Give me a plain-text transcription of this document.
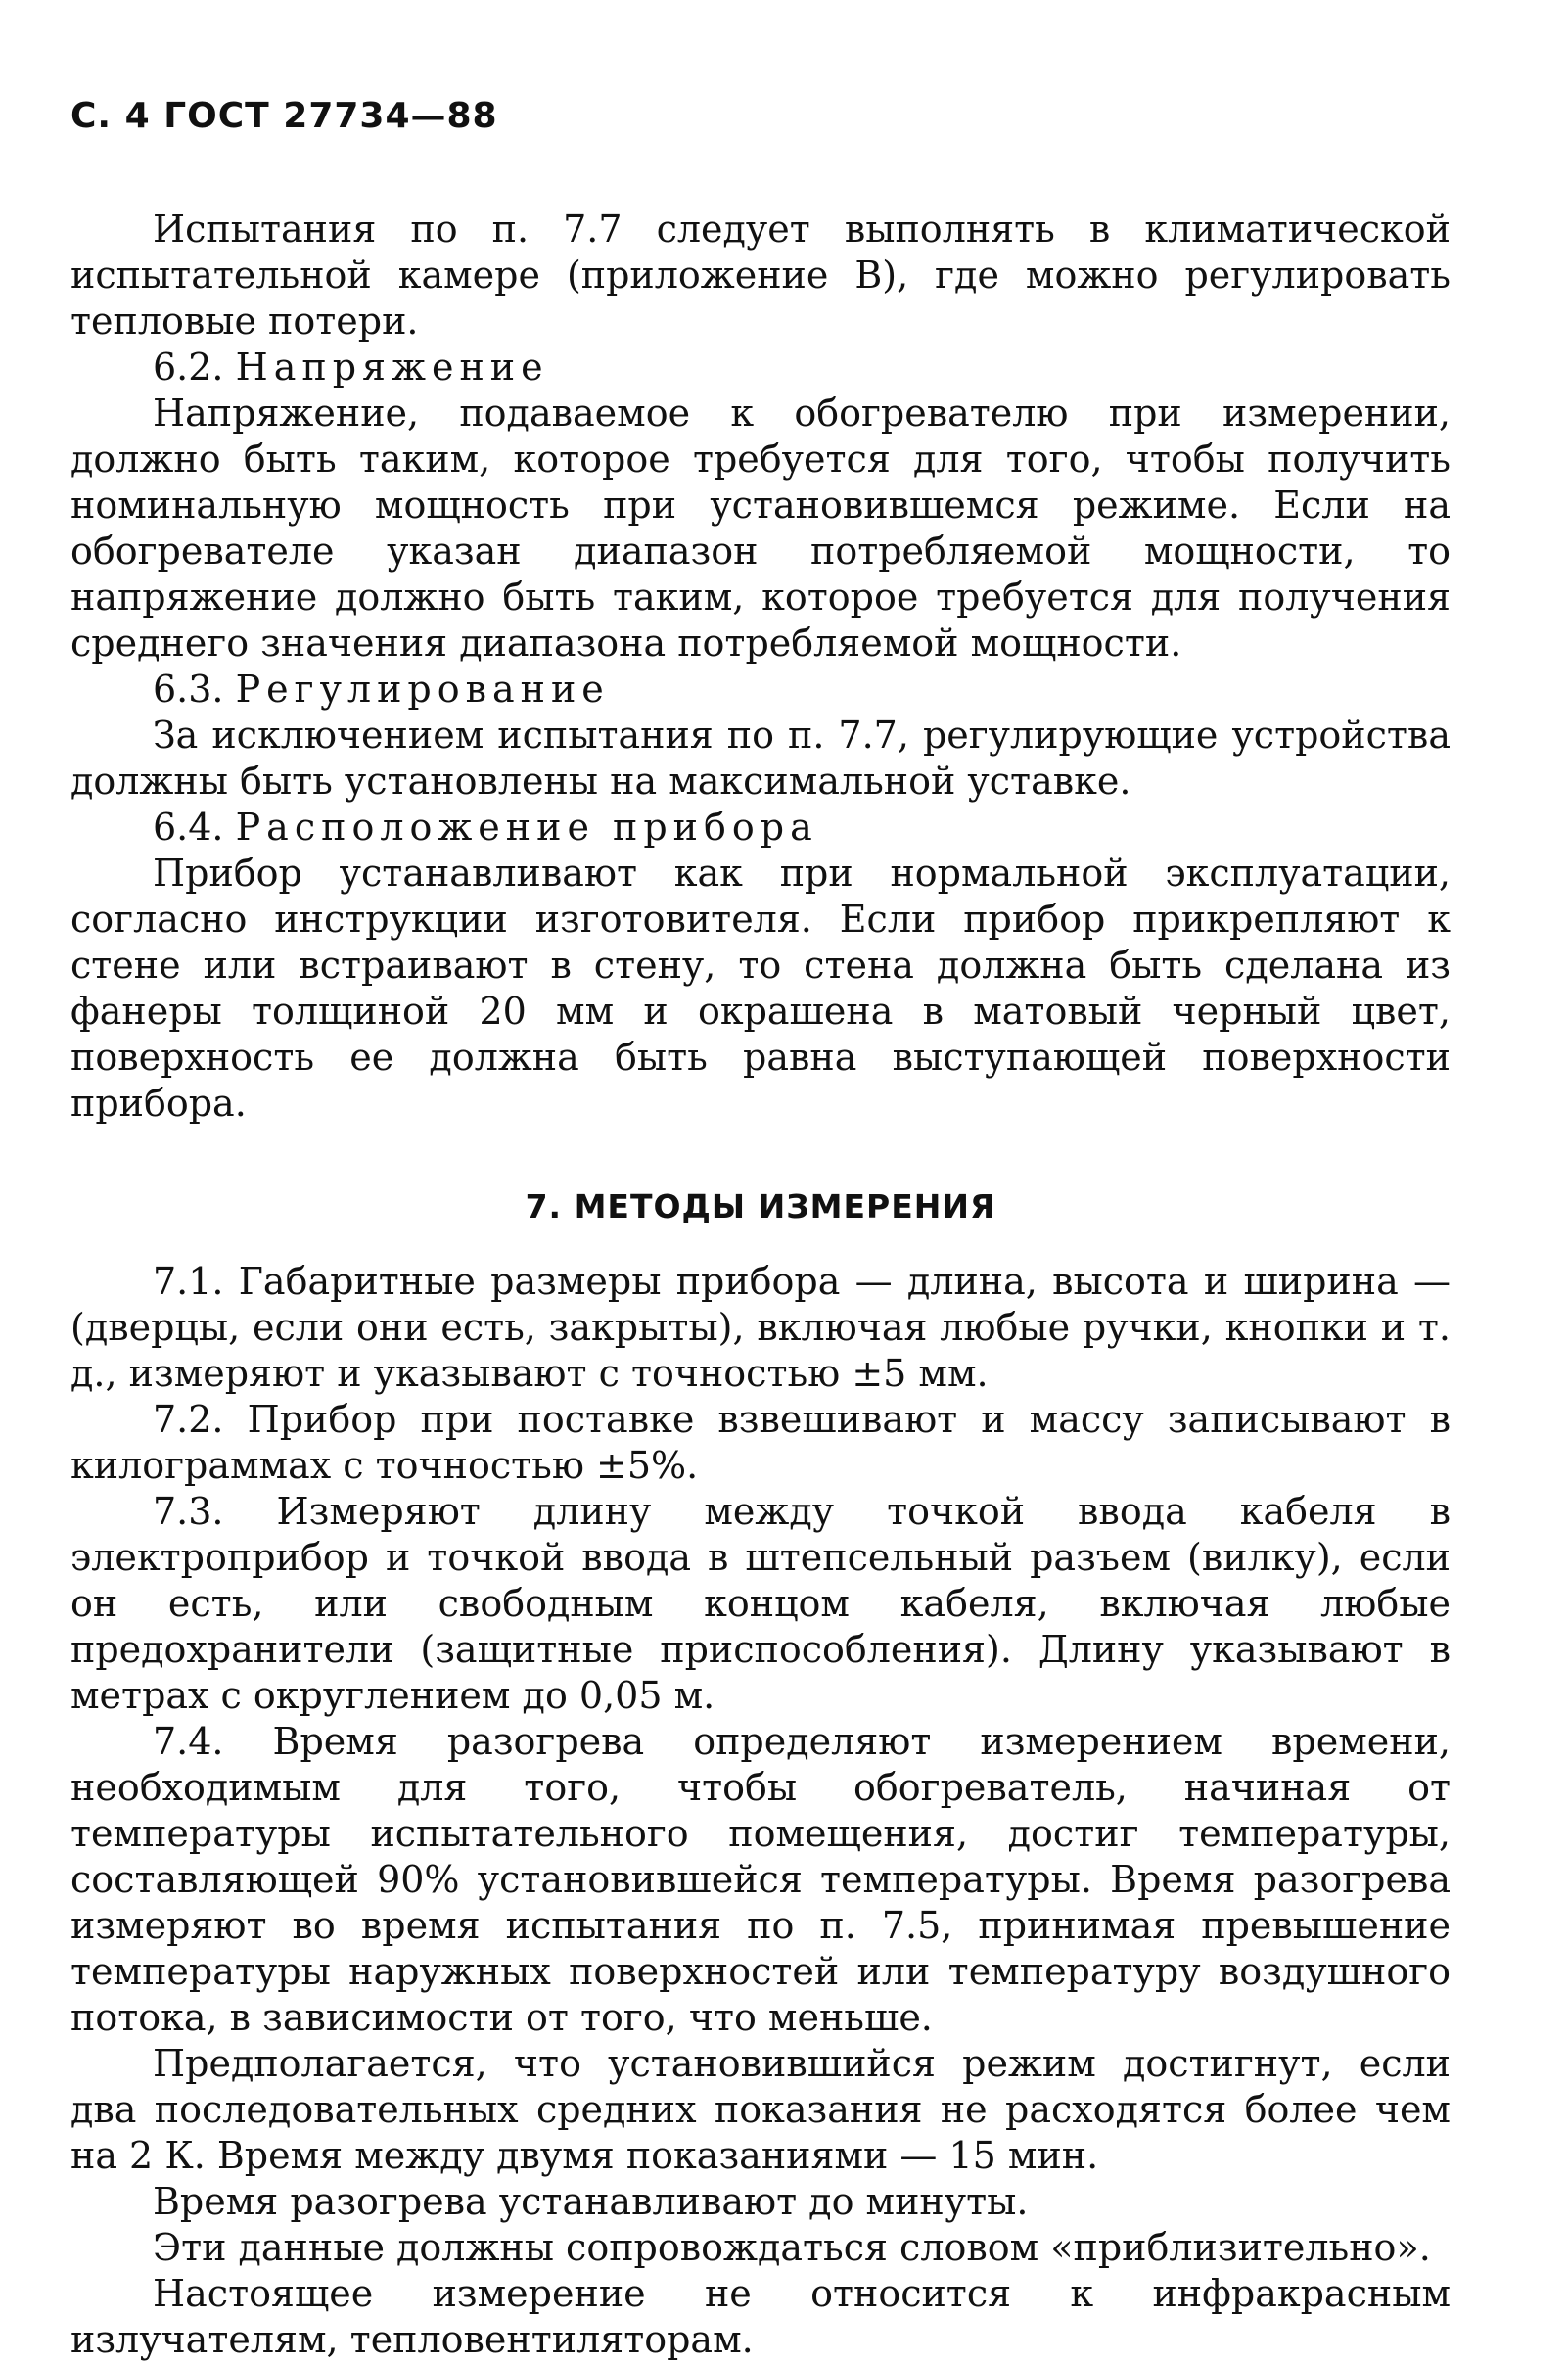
С. 4 ГОСТ 27734—88

Испытания по п. 7.7 следует выполнять в климатической испытательной камере (приложение В), где можно регулировать тепловые потери.

6.2. Напряжение

Напряжение, подаваемое к обогревателю при измерении, должно быть таким, которое требуется для того, чтобы получить номинальную мощность при установившемся режиме. Если на обогревателе указан диапазон потребляемой мощности, то напряжение должно быть таким, которое требуется для получения среднего значения диапазона потребляемой мощности.

6.3. Регулирование

За исключением испытания по п. 7.7, регулирующие устройства должны быть установлены на максимальной уставке.

6.4. Расположение прибора

Прибор устанавливают как при нормальной эксплуатации, согласно инструкции изготовителя. Если прибор прикрепляют к стене или встраивают в стену, то стена должна быть сделана из фанеры толщиной 20 мм и окрашена в матовый черный цвет, поверхность ее должна быть равна выступающей поверхности прибора.

7. МЕТОДЫ ИЗМЕРЕНИЯ

7.1. Габаритные размеры прибора — длина, высота и ширина — (дверцы, если они есть, закрыты), включая любые ручки, кнопки и т. д., измеряют и указывают с точностью ±5 мм.

7.2. Прибор при поставке взвешивают и массу записывают в килограммах с точностью ±5%.

7.3. Измеряют длину между точкой ввода кабеля в электроприбор и точкой ввода в штепсельный разъем (вилку), если он есть, или свободным концом кабеля, включая любые предохранители (защитные приспособления). Длину указывают в метрах с округлением до 0,05 м.

7.4. Время разогрева определяют измерением времени, необходимым для того, чтобы обогреватель, начиная от температуры испытательного помещения, достиг температуры, составляющей 90% установившейся температуры. Время разогрева измеряют во время испытания по п. 7.5, принимая превышение температуры наружных поверхностей или температуру воздушного потока, в зависимости от того, что меньше.

Предполагается, что установившийся режим достигнут, если два последовательных средних показания не расходятся более чем на 2 К. Время между двумя показаниями — 15 мин.

Время разогрева устанавливают до минуты.

Эти данные должны сопровождаться словом «приблизительно».

Настоящее измерение не относится к инфракрасным излучателям, тепловентиляторам.
